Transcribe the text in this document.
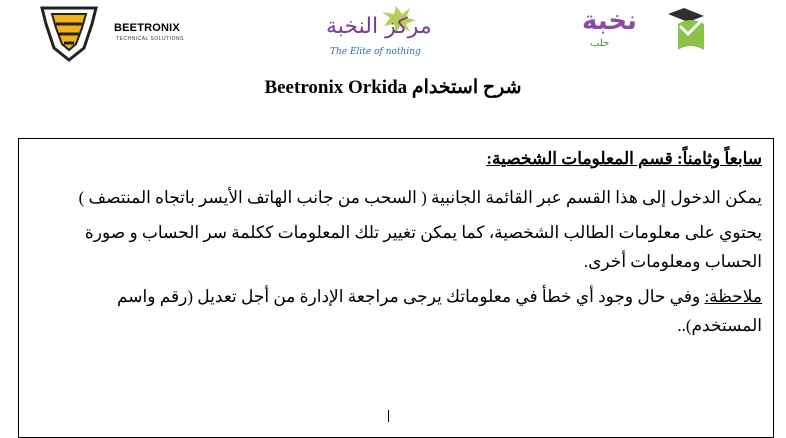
BEETRONIX
TECHNICAL SOLUTIONS	مركز النخبة
The Elite of nothing
نخبة
حلب
شرح استخدام Beetronix Orkida

سابعاً وثامناً: قسم المعلومات الشخصية:

يمكن الدخول إلى هذا القسم عبر القائمة الجانبية ( السحب من جانب الهاتف الأيسر باتجاه المنتصف )

يحتوي على معلومات الطالب الشخصية، كما يمكن تغيير تلك المعلومات ككلمة سر الحساب و صورة الحساب ومعلومات أخرى.

ملاحظة: وفي حال وجود أي خطأ في معلوماتك يرجى مراجعة الإدارة من أجل تعديل (رقم واسم المستخدم)..
